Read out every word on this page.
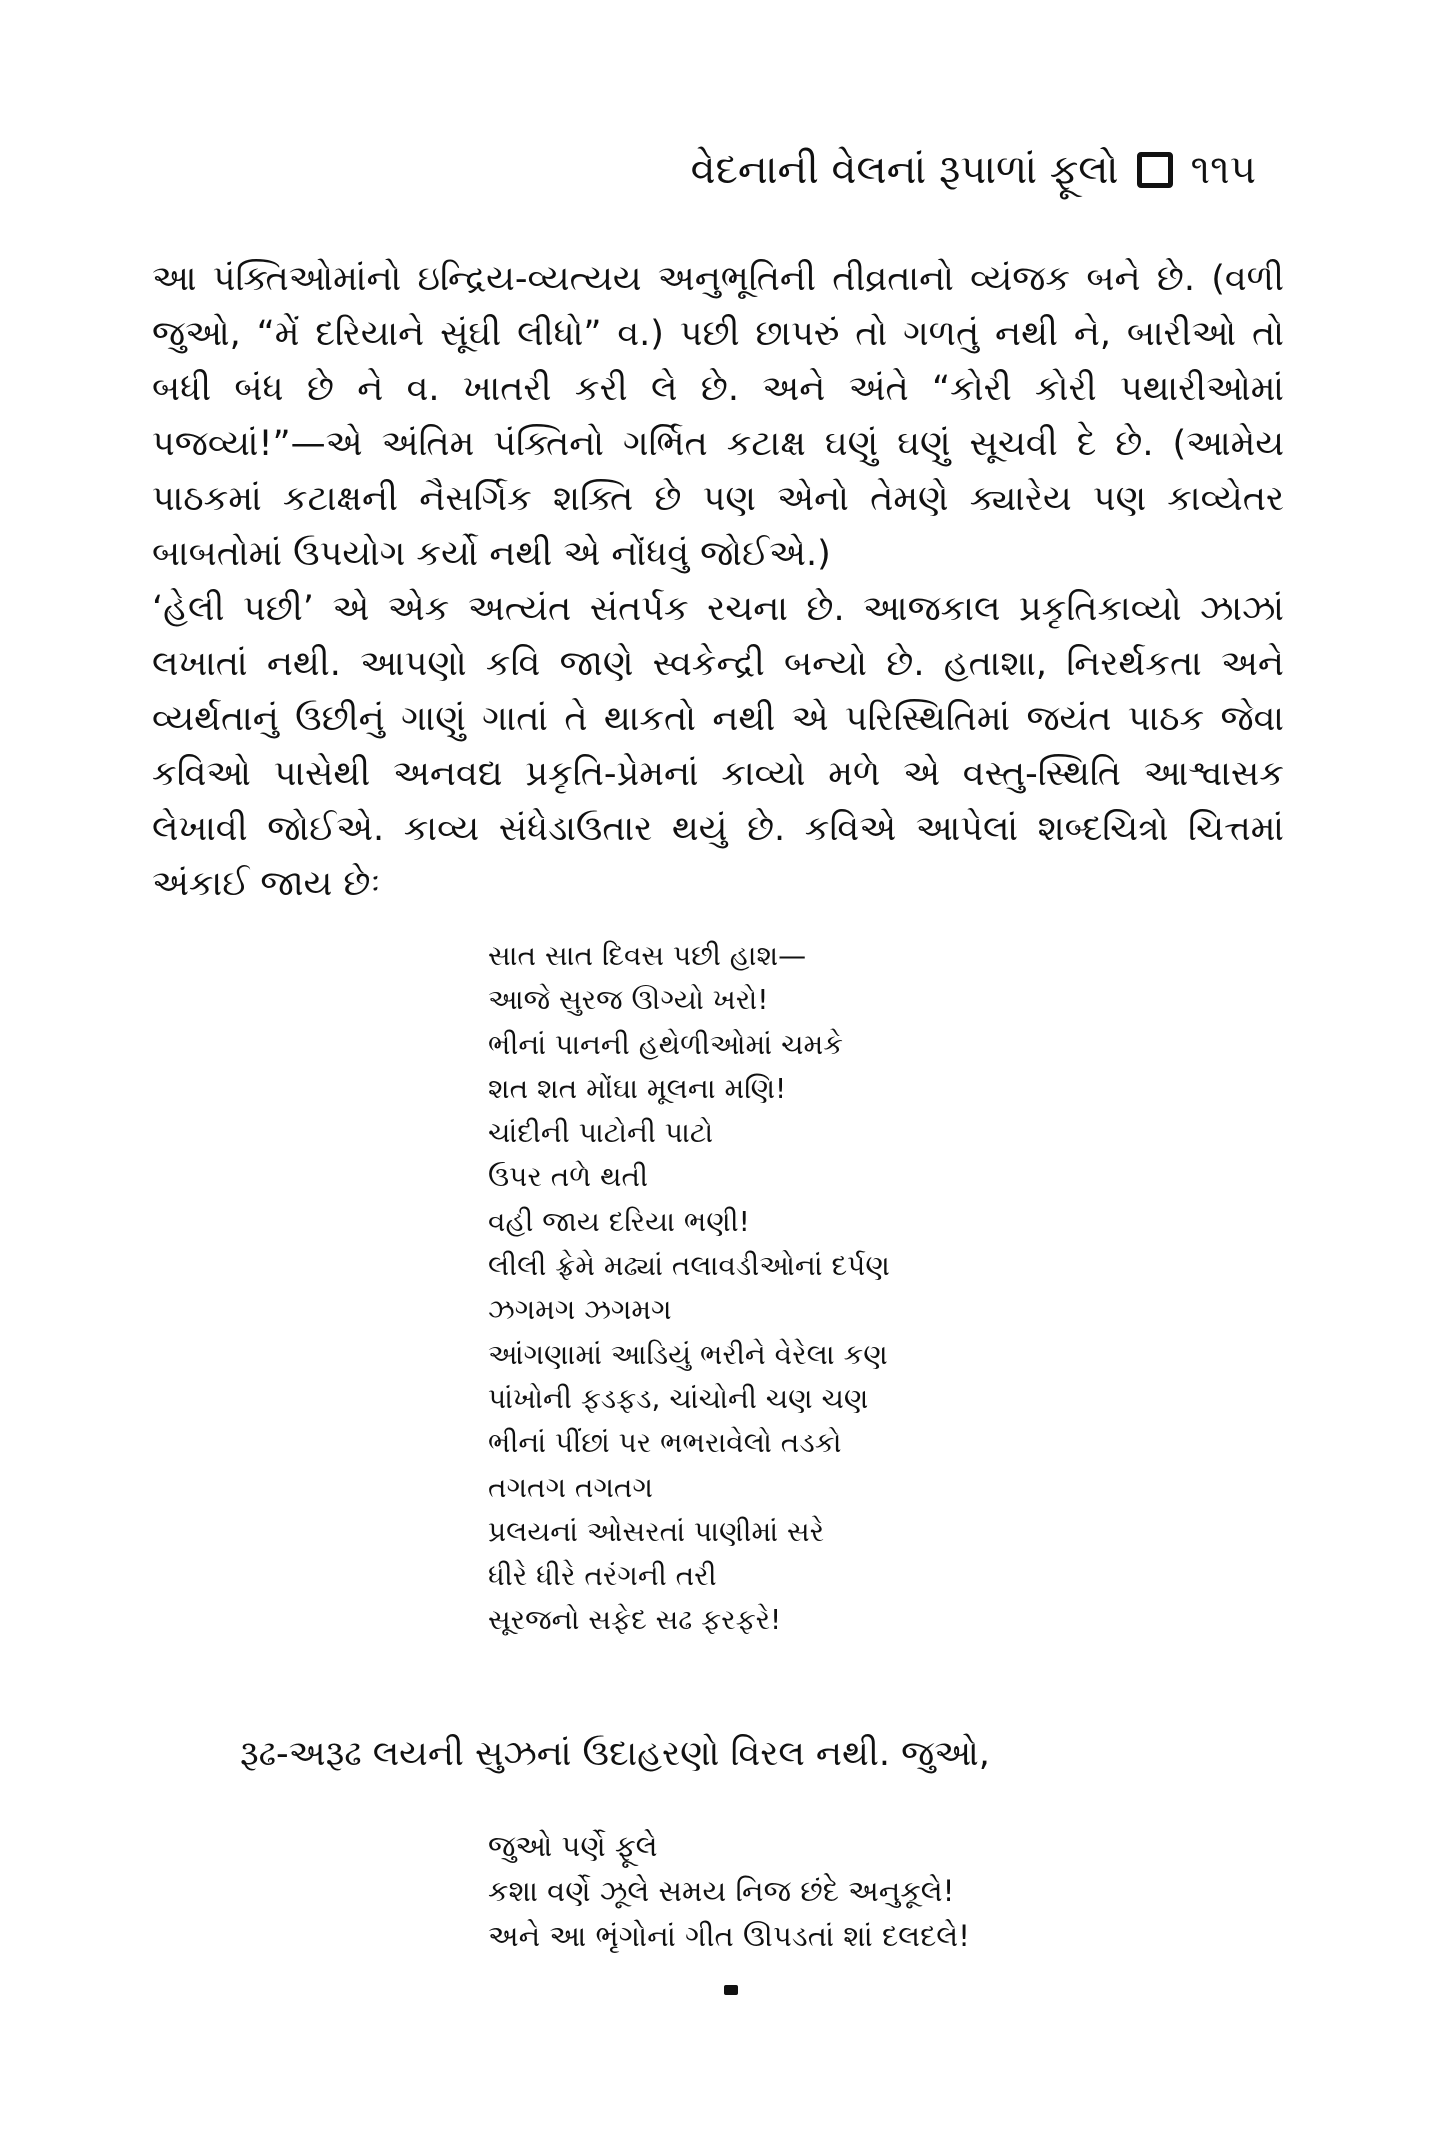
વેદનાની વેલનાં રૂપાળાં ફૂલો ૧૧૫

આ પંક્તિઓમાંનો ઇન્દ્રિય-વ્યત્યય અનુભૂતિની તીવ્રતાનો વ્યંજક બને છે. (વળી જુઓ, “મેં દરિયાને સૂંઘી લીધો” વ.) પછી છાપરું તો ગળતું નથી ને, બારીઓ તો બધી બંધ છે ને વ. ખાતરી કરી લે છે. અને અંતે “કોરી કોરી પથારીઓમાં પજવ્યાં!”—એ અંતિમ પંક્તિનો ગર્ભિત કટાક્ષ ઘણું ઘણું સૂચવી દે છે. (આમેય પાઠકમાં કટાક્ષની નૈસર્ગિક શક્તિ છે પણ એનો તેમણે ક્યારેય પણ કાવ્યેતર બાબતોમાં ઉપયોગ કર્યો નથી એ નોંધવું જોઈએ.)

‘હેલી પછી’ એ એક અત્યંત સંતર્પક રચના છે. આજકાલ પ્રકૃતિકાવ્યો ઝાઝાં લખાતાં નથી. આપણો કવિ જાણે સ્વકેન્દ્રી બન્યો છે. હતાશા, નિરર્થકતા અને વ્યર્થતાનું ઉછીનું ગાણું ગાતાં તે થાકતો નથી એ પરિસ્થિતિમાં જયંત પાઠક જેવા કવિઓ પાસેથી અનવદ્ય પ્રકૃતિ-પ્રેમનાં કાવ્યો મળે એ વસ્તુ-સ્થિતિ આશ્વાસક લેખાવી જોઈએ. કાવ્ય સંધેડાઉતાર થયું છે. કવિએ આપેલાં શબ્દચિત્રો ચિત્તમાં અંકાઈ જાય છેઃ

સાત સાત દિવસ પછી હાશ—
આજે સુરજ ઊગ્યો ખરો!
ભીનાં પાનની હથેળીઓમાં ચમકે
શત શત મોંઘા મૂલના મણિ!
ચાંદીની પાટોની પાટો
ઉપર તળે થતી
વહી જાય દરિયા ભણી!
લીલી ફ્રેમે મઢ્યાં તલાવડીઓનાં દર્પણ
ઝગમગ ઝગમગ
આંગણામાં આડિયું ભરીને વેરેલા કણ
પાંખોની ફડફડ, ચાંચોની ચણ ચણ
ભીનાં પીંછાં પર ભભરાવેલો તડકો
તગતગ તગતગ
પ્રલયનાં ઓસરતાં પાણીમાં સરે
ધીરે ધીરે તરંગની તરી
સૂરજનો સફેદ સઢ ફરફરે!
રૂઢ-અરૂઢ લયની સુઝનાં ઉદાહરણો વિરલ નથી. જુઓ,
જુઓ પર્ણે ફૂલે
કશા વર્ણે ઝૂલે સમય નિજ છંદે અનુકૂલે!
અને આ ભૃંગોનાં ગીત ઊપડતાં શાં દલદલે!
